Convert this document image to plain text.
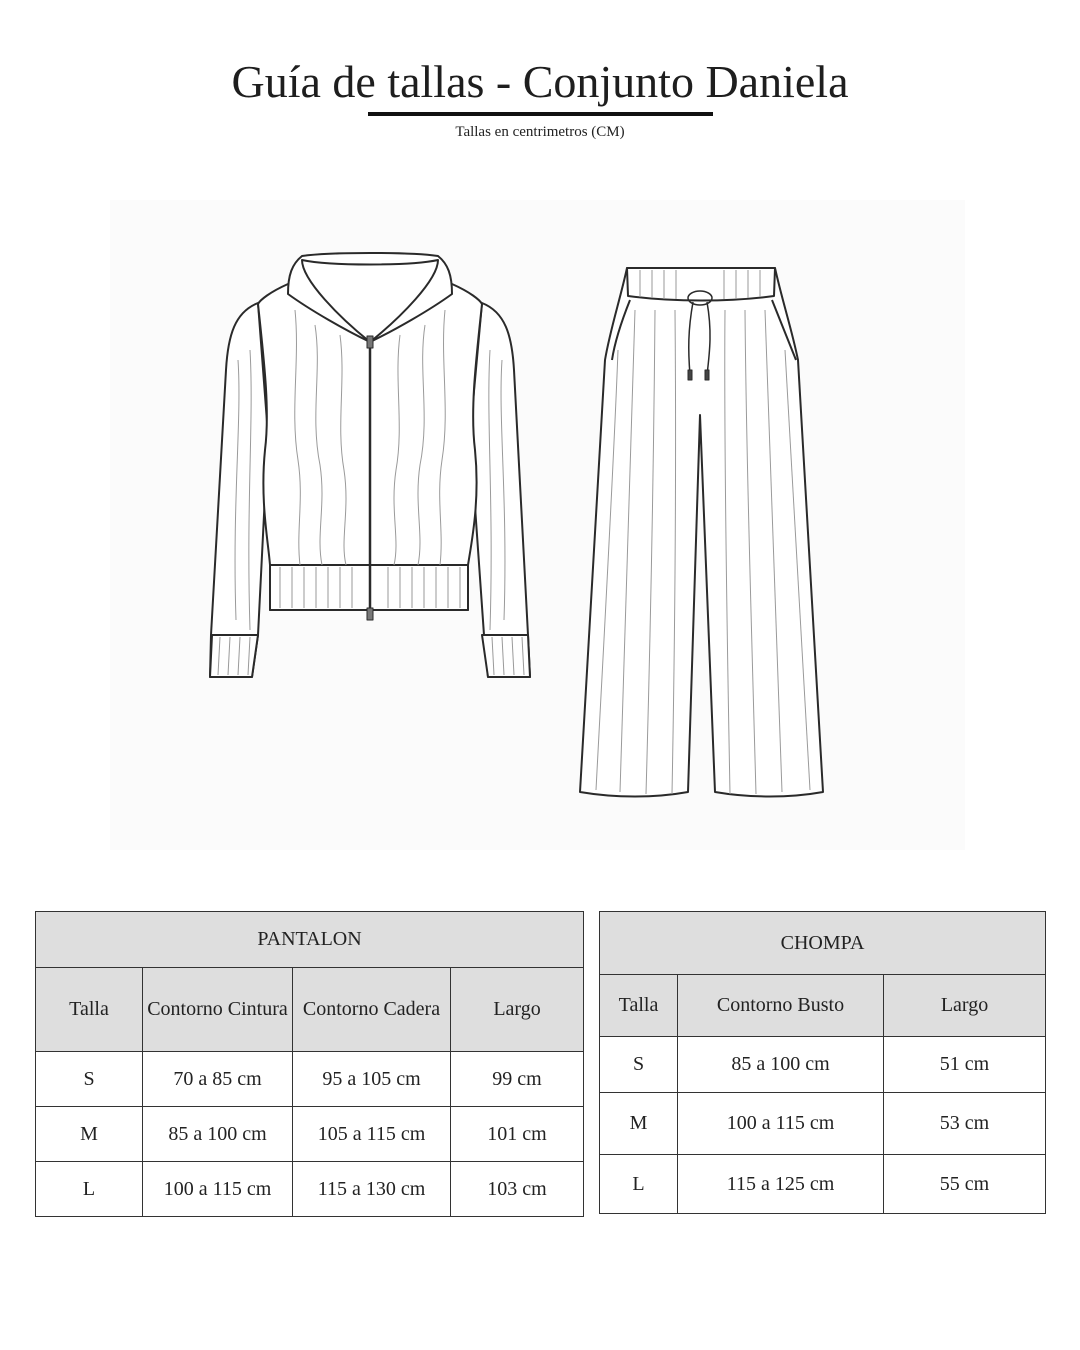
Guía de tallas - Conjunto Daniela
Tallas en centrimetros (CM)
PANTALON			
Talla	Contorno Cintura	Contorno Cadera	Largo
S	70 a 85 cm	95 a 105 cm	99 cm
M	85 a 100 cm	105 a 115 cm	101 cm
L	100 a 115 cm	115 a 130 cm	103 cm
CHOMPA		
Talla	Contorno Busto	Largo
S	85 a 100 cm	51 cm
M	100 a 115 cm	53 cm
L	115 a 125 cm	55 cm
